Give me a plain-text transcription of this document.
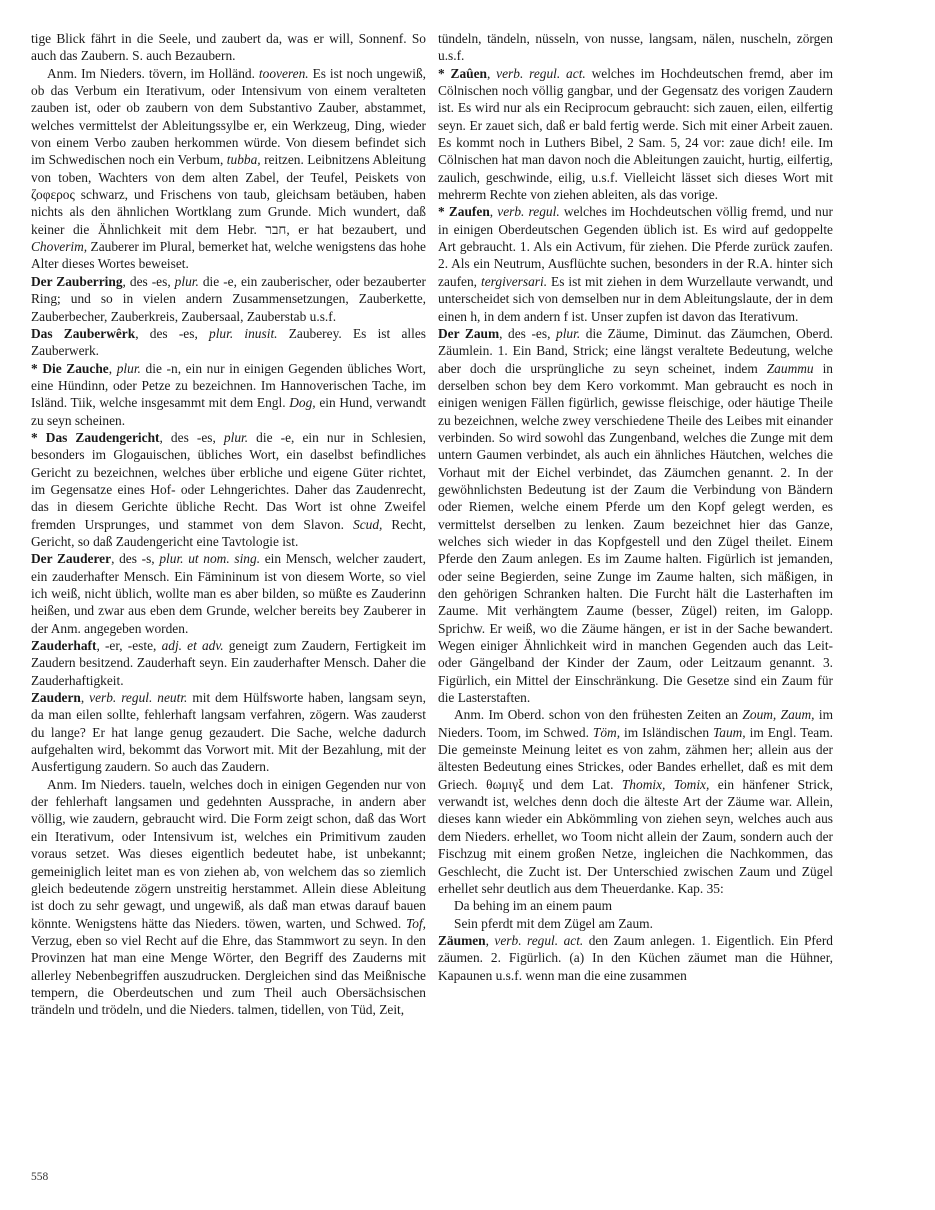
tige Blick fährt in die Seele, und zaubert da, was er will, Sonnenf. So auch das Zaubern. S. auch Bezaubern.

Anm. Im Nieders. tövern, im Holländ. tooveren. Es ist noch ungewiß, ob das Verbum ein Iterativum, oder Intensivum von einem veralteten zauben ist, oder ob zaubern von dem Substantivo Zauber, abstammet, welches vermittelst der Ableitungssylbe er, ein Werkzeug, Ding, wieder von einem Verbo zauben herkommen würde. Von diesem befindet sich im Schwedischen noch ein Verbum, tubba, reitzen. Leibnitzens Ableitung von toben, Wachters von dem alten Zabel, der Teufel, Peiskets von ζοφερος schwarz, und Frischens von taub, gleichsam betäuben, haben nichts als den ähnlichen Wortklang zum Grunde. Mich wundert, daß keiner die Ähnlichkeit mit dem Hebr. חבר, er hat bezaubert, und Choverim, Zauberer im Plural, bemerket hat, welche wenigstens das hohe Alter dieses Wortes beweiset.

Der Zauberring, des -es, plur. die -e, ein zauberischer, oder bezauberter Ring; und so in vielen andern Zusammensetzungen, Zauberkette, Zauberbecher, Zauberkreis, Zaubersaal, Zauberstab u.s.f.

Das Zauberwêrk, des -es, plur. inusit. Zauberey. Es ist alles Zauberwerk.

* Die Zauche, plur. die -n, ein nur in einigen Gegenden übliches Wort, eine Hündinn, oder Petze zu bezeichnen. Im Hannoverischen Tache, im Isländ. Tiik, welche insgesammt mit dem Engl. Dog, ein Hund, verwandt zu seyn scheinen.

* Das Zaudengericht, des -es, plur. die -e, ein nur in Schlesien, besonders im Glogauischen, übliches Wort, ein daselbst befindliches Gericht zu bezeichnen, welches über erbliche und eigene Güter richtet, im Gegensatze eines Hof- oder Lehngerichtes. Daher das Zaudenrecht, das in diesem Gerichte übliche Recht. Das Wort ist ohne Zweifel fremden Ursprunges, und stammet von dem Slavon. Scud, Recht, Gericht, so daß Zaudengericht eine Tavtologie ist.

Der Zauderer, des -s, plur. ut nom. sing. ein Mensch, welcher zaudert, ein zauderhafter Mensch. Ein Fämininum ist von diesem Worte, so viel ich weiß, nicht üblich, wollte man es aber bilden, so müßte es Zauderinn heißen, und zwar aus eben dem Grunde, welcher bereits bey Zauberer in der Anm. angegeben worden.

Zauderhaft, -er, -este, adj. et adv. geneigt zum Zaudern, Fertigkeit im Zaudern besitzend. Zauderhaft seyn. Ein zauderhafter Mensch. Daher die Zauderhaftigkeit.

Zaudern, verb. regul. neutr. mit dem Hülfsworte haben, langsam seyn, da man eilen sollte, fehlerhaft langsam verfahren, zögern. Was zauderst du lange? Er hat lange genug gezaudert. Die Sache, welche dadurch aufgehalten wird, bekommt das Vorwort mit. Mit der Bezahlung, mit der Ausfertigung zaudern. So auch das Zaudern.

Anm. Im Nieders. taueln, welches doch in einigen Gegenden nur von der fehlerhaft langsamen und gedehnten Aussprache, in andern aber völlig, wie zaudern, gebraucht wird. Die Form zeigt schon, daß das Wort ein Iterativum, oder Intensivum ist, welches ein Primitivum zauden voraus setzet. Was dieses eigentlich bedeutet habe, ist unbekannt; gemeiniglich leitet man es von ziehen ab, von welchem das so ziemlich gleich bedeutende zögern unstreitig herstammet. Allein diese Ableitung ist doch zu sehr gewagt, und ungewiß, als daß man etwas darauf bauen könnte. Wenigstens hätte das Nieders. töwen, warten, und Schwed. Tof, Verzug, eben so viel Recht auf die Ehre, das Stammwort zu seyn. In den Provinzen hat man eine Menge Wörter, den Begriff des Zauderns mit allerley Nebenbegriffen auszudrucken. Dergleichen sind das Meißnische tempern, die Oberdeutschen und zum Theil auch Obersächsischen trändeln und trödeln, und die Nieders. talmen, tidellen, von Tüd, Zeit,

tündeln, tändeln, nüsseln, von nusse, langsam, nälen, nuscheln, zörgen u.s.f.

* Zaûen, verb. regul. act. welches im Hochdeutschen fremd, aber im Cölnischen noch völlig gangbar, und der Gegensatz des vorigen Zaudern ist. Es wird nur als ein Reciprocum gebraucht: sich zauen, eilen, eilfertig seyn. Er zauet sich, daß er bald fertig werde. Sich mit einer Arbeit zauen. Es kommt noch in Luthers Bibel, 2 Sam. 5, 24 vor: zaue dich! eile. Im Cölnischen hat man davon noch die Ableitungen zauicht, hurtig, eilfertig, zaulich, geschwinde, eilig, u.s.f. Vielleicht lässet sich dieses Wort mit mehrerm Rechte von ziehen ableiten, als das vorige.

* Zaufen, verb. regul. welches im Hochdeutschen völlig fremd, und nur in einigen Oberdeutschen Gegenden üblich ist. Es wird auf gedoppelte Art gebraucht. 1. Als ein Activum, für ziehen. Die Pferde zurück zaufen. 2. Als ein Neutrum, Ausflüchte suchen, besonders in der R.A. hinter sich zaufen, tergiversari. Es ist mit ziehen in dem Wurzellaute verwandt, und unterscheidet sich von demselben nur in dem Ableitungslaute, der in dem einen h, in dem andern f ist. Unser zupfen ist davon das Iterativum.

Der Zaum, des -es, plur. die Zäume, Diminut. das Zäumchen, Oberd. Zäumlein. 1. Ein Band, Strick; eine längst veraltete Bedeutung, welche aber doch die ursprüngliche zu seyn scheinet, indem Zaummu in derselben schon bey dem Kero vorkommt. Man gebraucht es noch in einigen wenigen Fällen figürlich, gewisse fleischige, oder häutige Theile zu bezeichnen, welche zwey verschiedene Theile des Leibes mit einander verbinden. So wird sowohl das Zungenband, welches die Zunge mit dem untern Gaumen verbindet, als auch ein ähnliches Häutchen, welches die Vorhaut mit der Eichel verbindet, das Zäumchen genannt. 2. In der gewöhnlichsten Bedeutung ist der Zaum die Verbindung von Bändern oder Riemen, welche einem Pferde um den Kopf gelegt werden, es vermittelst derselben zu lenken. Zaum bezeichnet hier das Ganze, welches sich wieder in das Kopfgestell und den Zügel theilet. Einem Pferde den Zaum anlegen. Es im Zaume halten. Figürlich ist jemanden, oder seine Begierden, seine Zunge im Zaume halten, sich mäßigen, in den gehörigen Schranken halten. Die Furcht hält die Lasterhaften im Zaume. Mit verhängtem Zaume (besser, Zügel) reiten, im Galopp. Sprichw. Er weiß, wo die Zäume hängen, er ist in der Sache bewandert. Wegen einiger Ähnlichkeit wird in manchen Gegenden auch das Leit- oder Gängelband der Kinder der Zaum, oder Leitzaum genannt. 3. Figürlich, ein Mittel der Einschränkung. Die Gesetze sind ein Zaum für die Lasterstaften.

Anm. Im Oberd. schon von den frühesten Zeiten an Zoum, Zaum, im Nieders. Toom, im Schwed. Töm, im Isländischen Taum, im Engl. Team. Die gemeinste Meinung leitet es von zahm, zähmen her; allein aus der ältesten Bedeutung eines Strickes, oder Bandes erhellet, daß es mit dem Griech. θωμιγξ und dem Lat. Thomix, Tomix, ein hänfener Strick, verwandt ist, welches denn doch die älteste Art der Zäume war. Allein, dieses kann wieder ein Abkömmling von ziehen seyn, welches auch aus dem Nieders. erhellet, wo Toom nicht allein der Zaum, sondern auch der Fischzug mit einem großen Netze, ingleichen die Nachkommen, das Geschlecht, die Zucht ist. Der Unterschied zwischen Zaum und Zügel erhellet sehr deutlich aus dem Theuerdanke. Kap. 35:

Da behing im an einem paum

Sein pferdt mit dem Zügel am Zaum.

Zäumen, verb. regul. act. den Zaum anlegen. 1. Eigentlich. Ein Pferd zäumen. 2. Figürlich. (a) In den Küchen zäumet man die Hühner, Kapaunen u.s.f. wenn man die eine zusammen

558
